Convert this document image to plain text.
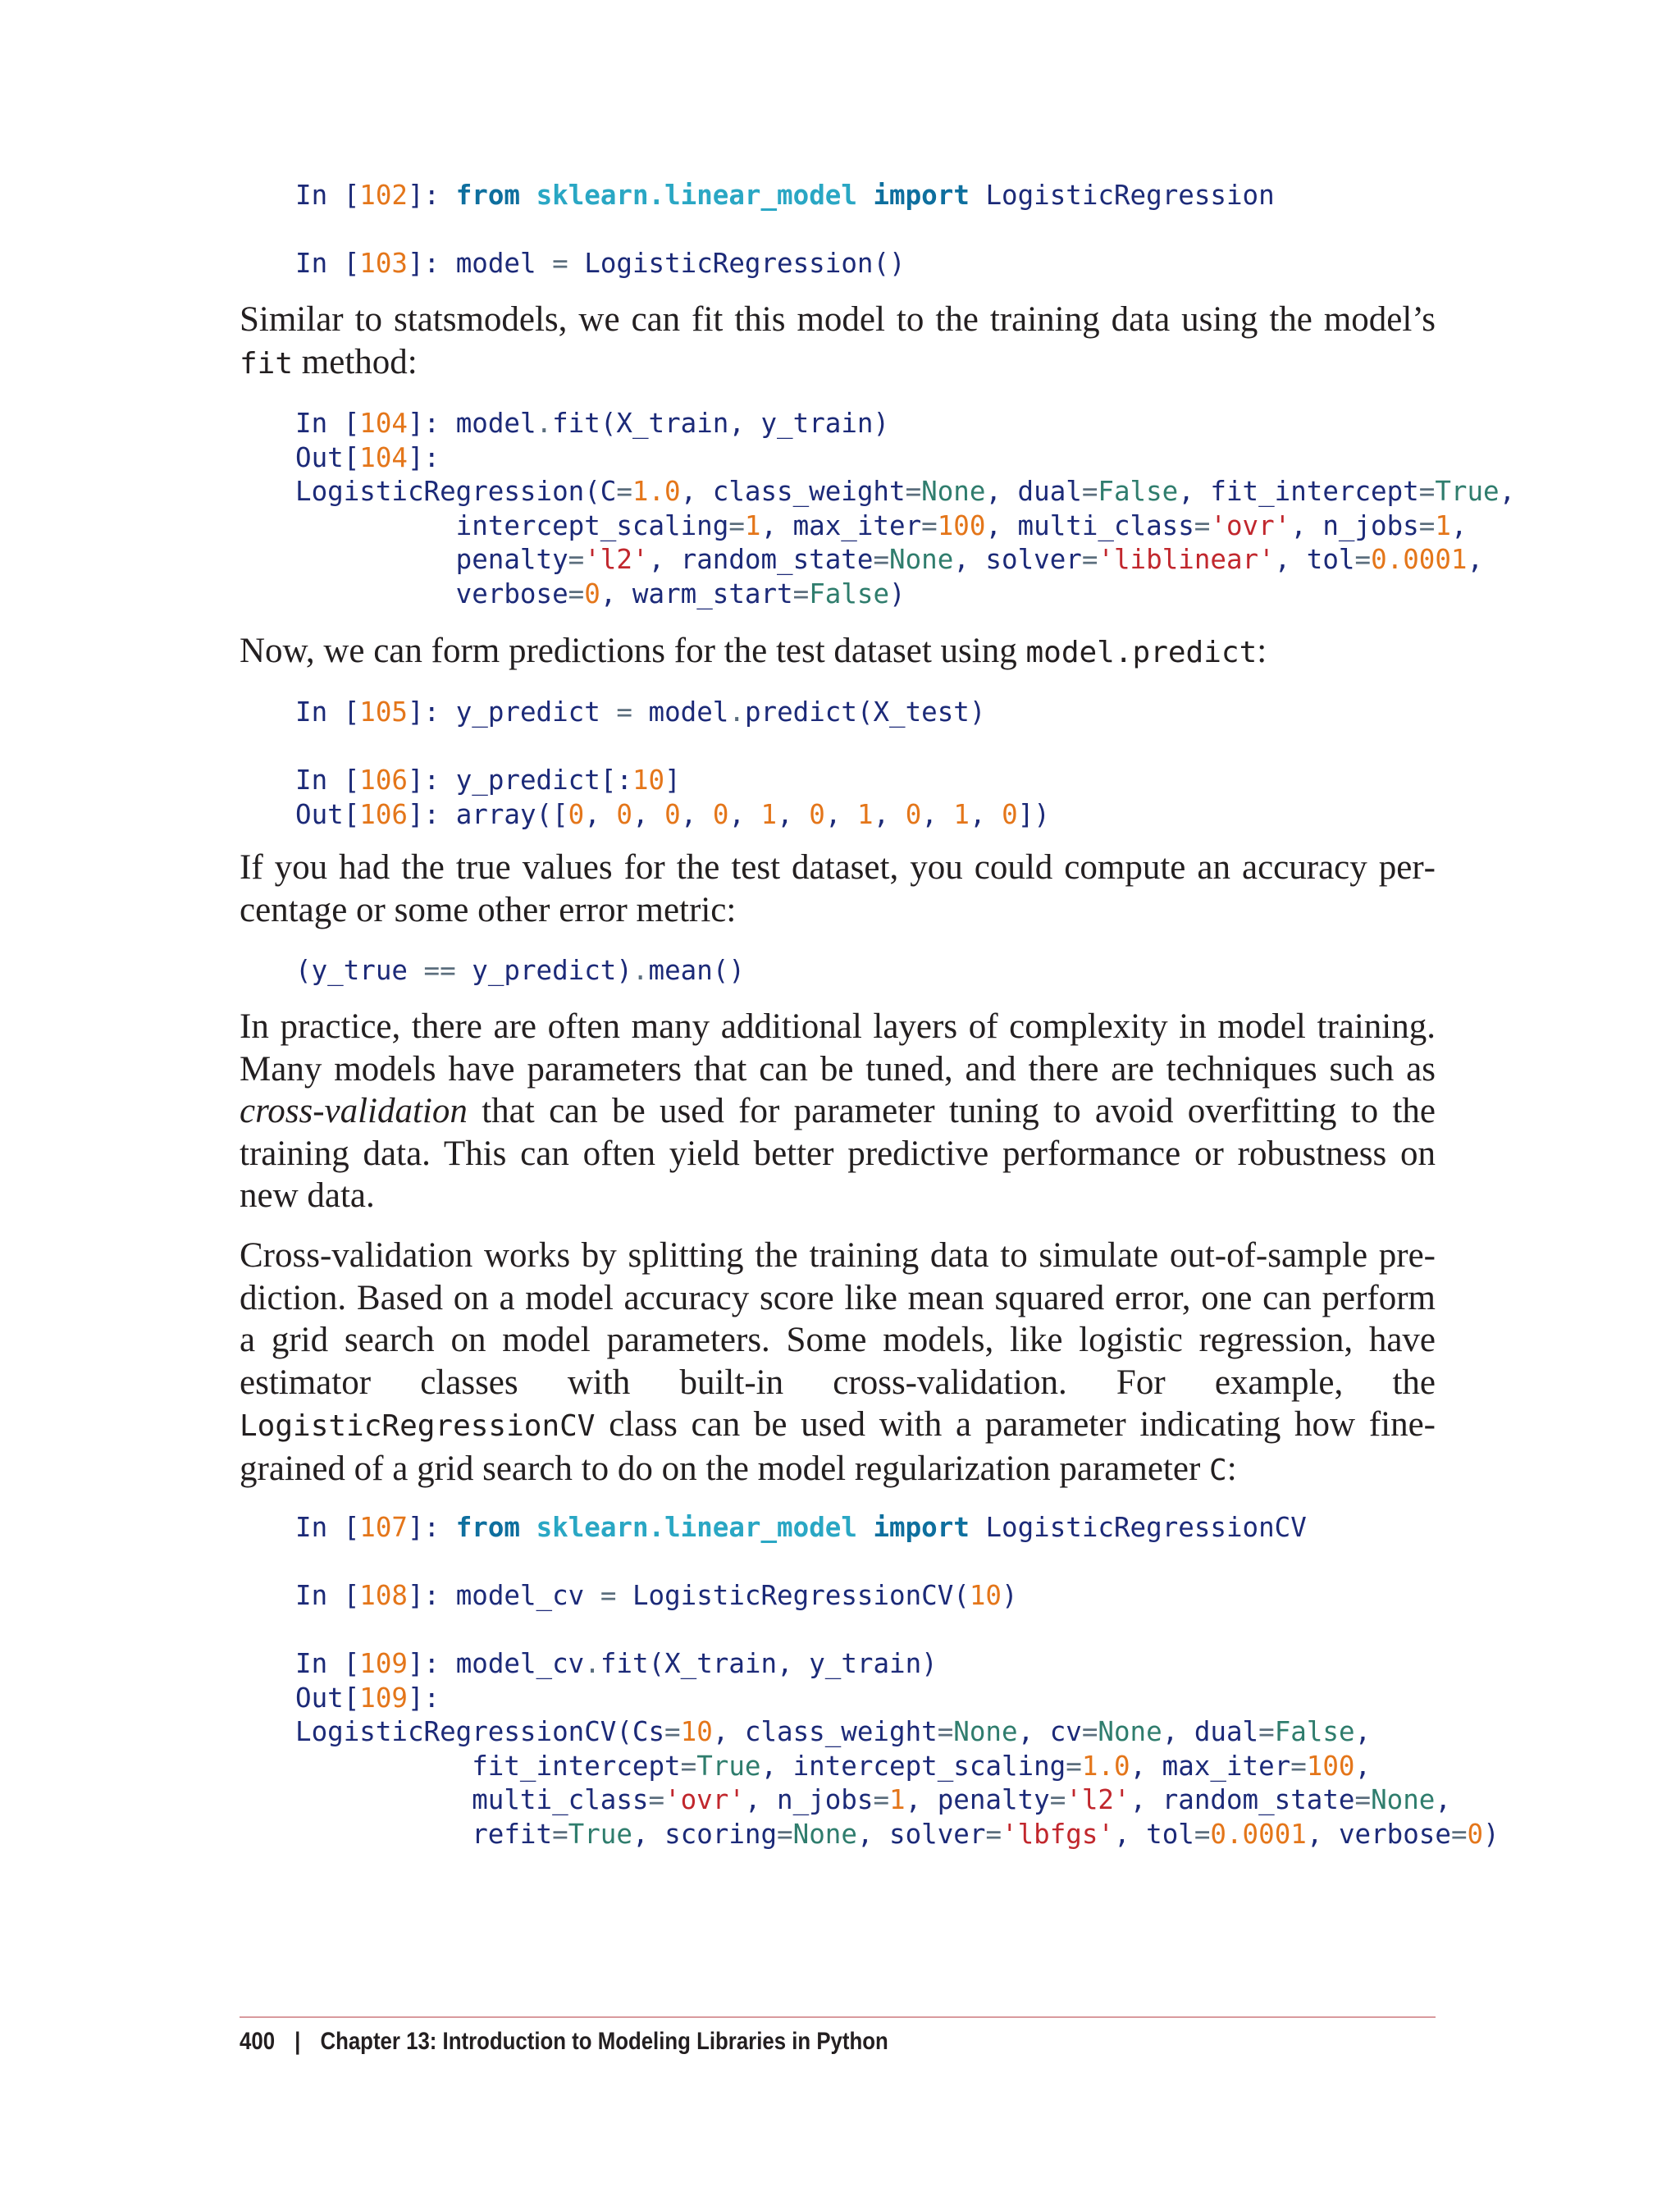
In [102]: from sklearn.linear_model import LogisticRegression
In [103]: model = LogisticRegression()

Similar to statsmodels, we can fit this model to the training data using the model’s fit method:

In [104]: model.fit(X_train, y_train)
Out[104]:
LogisticRegression(C=1.0, class_weight=None, dual=False, fit_intercept=True,
intercept_scaling=1, max_iter=100, multi_class='ovr', n_jobs=1,
penalty='l2', random_state=None, solver='liblinear', tol=0.0001,
verbose=0, warm_start=False)

Now, we can form predictions for the test dataset using model.predict:

In [105]: y_predict = model.predict(X_test)
In [106]: y_predict[:10]
Out[106]: array([0, 0, 0, 0, 1, 0, 1, 0, 1, 0])

If you had the true values for the test dataset, you could compute an accuracy percentage or some other error metric:

(y_true == y_predict).mean()

In practice, there are often many additional layers of complexity in model training. Many models have parameters that can be tuned, and there are techniques such as cross-validation that can be used for parameter tuning to avoid overfitting to the training data. This can often yield better predictive performance or robustness on new data.

Cross-validation works by splitting the training data to simulate out-of-sample prediction. Based on a model accuracy score like mean squared error, one can perform a grid search on model parameters. Some models, like logistic regression, have estimator classes with built-in cross-validation. For example, the LogisticRegressionCV class can be used with a parameter indicating how fine-grained of a grid search to do on the model regularization parameter C:

In [107]: from sklearn.linear_model import LogisticRegressionCV
In [108]: model_cv = LogisticRegressionCV(10)
In [109]: model_cv.fit(X_train, y_train)
Out[109]:
LogisticRegressionCV(Cs=10, class_weight=None, cv=None, dual=False,
fit_intercept=True, intercept_scaling=1.0, max_iter=100,
multi_class='ovr', n_jobs=1, penalty='l2', random_state=None,
refit=True, scoring=None, solver='lbfgs', tol=0.0001, verbose=0)
400 | Chapter 13: Introduction to Modeling Libraries in Python
